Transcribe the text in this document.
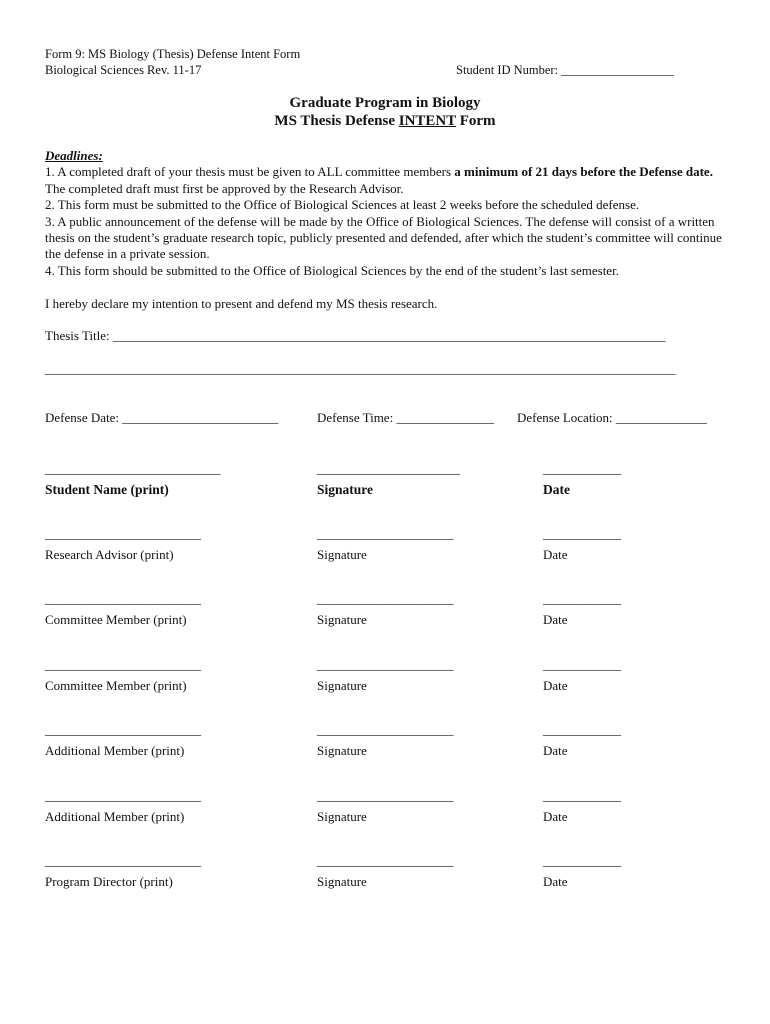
Form 9: MS Biology (Thesis) Defense Intent Form
Biological Sciences Rev. 11-17	Student ID Number: __________________
Graduate Program in Biology
MS Thesis Defense INTENT Form

Deadlines:

1. A completed draft of your thesis must be given to ALL committee members a minimum of 21 days before the Defense date. The completed draft must first be approved by the Research Advisor.

2. This form must be submitted to the Office of Biological Sciences at least 2 weeks before the scheduled defense.

3. A public announcement of the defense will be made by the Office of Biological Sciences. The defense will consist of a written thesis on the student’s graduate research topic, publicly presented and defended, after which the student’s committee will continue the defense in a private session.

4. This form should be submitted to the Office of Biological Sciences by the end of the student’s last semester.

I hereby declare my intention to present and defend my MS thesis research.
Thesis Title: _____________________________________________________________________________________
_________________________________________________________________________________________________
Defense Date: ________________________	Defense Time: _______________ Defense Location: ______________
___________________________	______________________	____________
Student Name (print)	Signature	Date
________________________	_____________________	____________
Research Advisor (print)	Signature	Date
________________________	_____________________	____________
Committee Member (print)	Signature	Date
________________________	_____________________	____________
Committee Member (print)	Signature	Date
________________________	_____________________	____________
Additional Member (print)	Signature	Date
________________________	_____________________	____________
Additional Member (print)	Signature	Date
________________________	_____________________	____________
Program Director (print)	Signature	Date
